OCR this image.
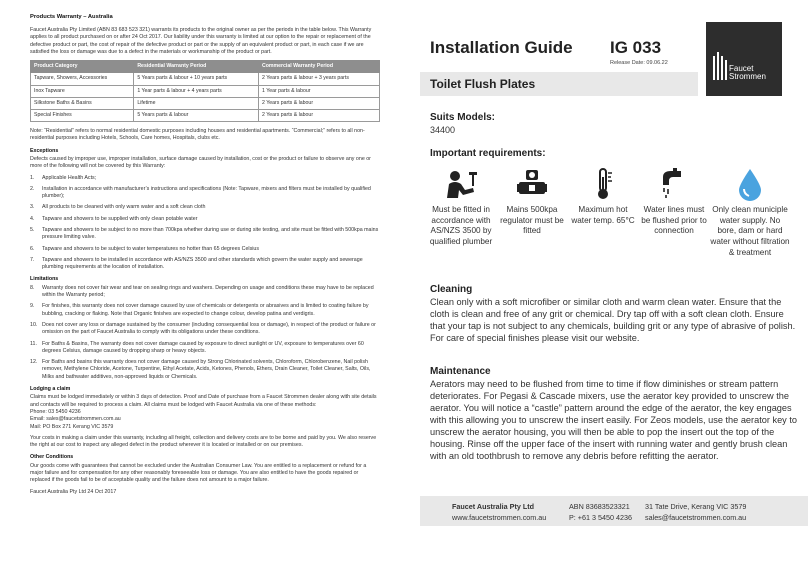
Products Warranty – Australia

Faucet Australia Pty Limited (ABN 83 683 523 321) warrants its products to the original owner as per the periods in the table below. This Warranty applies to all product purchased on or after 24 Oct 2017. Our liability under this warranty is limited at our option to the repair or replacement of the defective product or part, the cost of repair of the defective product or part or the supply of an equivalent product or part, in each case if we are satisfied the loss or damage was due to a defect in the materials or workmanship of the product or part.

Product Category	Residential Warranty Period	Commercial Warranty Period
Tapware, Showers, Accessories	5 Years parts & labour + 10 years parts	2 Years parts & labour + 3 years parts
Inox Tapware	1 Year parts & labour + 4 years parts	1 Year parts & labour
Silkstone Baths & Basins	Lifetime	2 Years parts & labour
Special Finishes	5 Years parts & labour	2 Years parts & labour

Note: “Residential” refers to normal residential domestic purposes including houses and residential apartments. “Commercial;” refers to all non-residential purposes including Hotels, Schools, Care homes, Hospitals, clubs etc.

Exceptions

Defects caused by improper use, improper installation, surface damage caused by installation, cost or the product or failure to observe any one or more of the following will not be covered by this Warranty:

1.	Applicable Health Acts;
2.	Installation in accordance with manufacturer’s instructions and specifications (Note: Tapware, mixers and filters must be installed by qualified plumber);
3.	All products to be cleaned with only warm water and a soft clean cloth
4.	Tapware and showers to be supplied with only clean potable water
5.	Tapware and showers to be subject to no more than 700kpa whether during use or during site testing, and site must be fitted with 500kpa mains pressure limiting valve.
6.	Tapware and showers to be subject to water temperatures no hotter than 65 degrees Celsius
7.	Tapware and showers to be installed in accordance with AS/NZS 3500 and other standards which govern the water supply and sewerage plumbing requirements at the location of installation.
Limitations
8.	Warranty does not cover fair wear and tear on sealing rings and washers. Depending on usage and conditions these may have to be replaced within the Warranty period;
9.	For finishes, this warranty does not cover damage caused by use of chemicals or detergents or abrasives and is limited to coating failure by bubbling, cracking or flaking. Note that Organic finishes are expected to change colour, develop patina and verdigris.
10. Does not cover any loss or damage sustained by the consumer (including consequential loss or damage), in respect of the product or failure or omission on the part of Faucet Australia to comply with its obligations under these conditions.
11. For Baths & Basins, The warranty does not cover damage caused by exposure to direct sunlight or UV, exposure to temperatures over 60 degrees Celsius, damage caused by dropping sharp or heavy objects.
12. For Baths and basins this warranty does not cover damage caused by Strong Chlorinated solvents, Chloroform, Chlorobenzene, Nail polish remover, Methylene Chloride, Acetone, Turpentine, Ethyl Acetate, Acids, Ketones, Phenols, Ethers, Drain Cleaner, Toilet Cleaner, Salts, Oils, Milks and bathwater additives, non-approved liquids or Chemicals.
Lodging a claim
Claims must be lodged immediately or within 3 days of detection. Proof and Date of purchase from a Faucet Strommen dealer along with site details and contacts will be required to process a claim. All claims must be lodged with Faucet Australia via one of these methods:
Phone: 03 5450 4236
Email: sales@faucetstrommen.com.au
Mail: PO Box 271 Kerang VIC 3579

Your costs in making a claim under this warranty, including all freight, collection and delivery costs are to be borne and paid by you. We also reserve the right at our cost to inspect any alleged defect in the product wherever it is located or installed or on our premises.

Other Conditions

Our goods come with guarantees that cannot be excluded under the Australian Consumer Law. You are entitled to a replacement or refund for a major failure and for compensation for any other reasonably foreseeable loss or damage. You are also entitled to have the goods repaired or replaced if the goods fail to be of acceptable quality and the failure does not amount to a major failure.

Faucet Australia Pty Ltd 24 Oct 2017

Installation Guide IG 033
Release Date: 09.06.22
Faucet
Strommen
Toilet Flush Plates
Suits Models:
34400
Important requirements:
Must be fitted in accordance with AS/NZS 3500 by qualified plumber
Mains 500kpa regulator must be fitted
Maximum hot water temp. 65°C
Water lines must be flushed prior to connection
Only clean municiple water supply. No bore, dam or hard water without filtration & treatment
Cleaning
Clean only with a soft microfiber or similar cloth and warm clean water. Ensure that the cloth is clean and free of any grit or chemical. Dry tap off with a soft clean cloth. Ensure that your tap is not subject to any chemicals, building grit or any type of abrasive of polish. For care of special finishes please visit our website.
Maintenance
Aerators may need to be flushed from time to time if flow diminishes or stream pattern deteriorates. For Pegasi & Cascade mixers, use the aerator key provided to unscrew the aerator. You will notice a “castle” pattern around the edge of the aerator, the key engages with this allowing you to unscrew the insert easily. For Zeos models, use the aerator key to unscrew the aerator housing, you will then be able to pop the insert out the top of the housing. Rinse off the upper face of the insert with running water and gently brush clean with an old toothbrush to remove any debris before refitting the aerator.
Faucet Australia Pty Ltd	ABN 83683523321 31 Tate Drive, Kerang VIC 3579
www.faucetstrommen.com.au	P: +61 3 5450 4236 sales@faucetstrommen.com.au
